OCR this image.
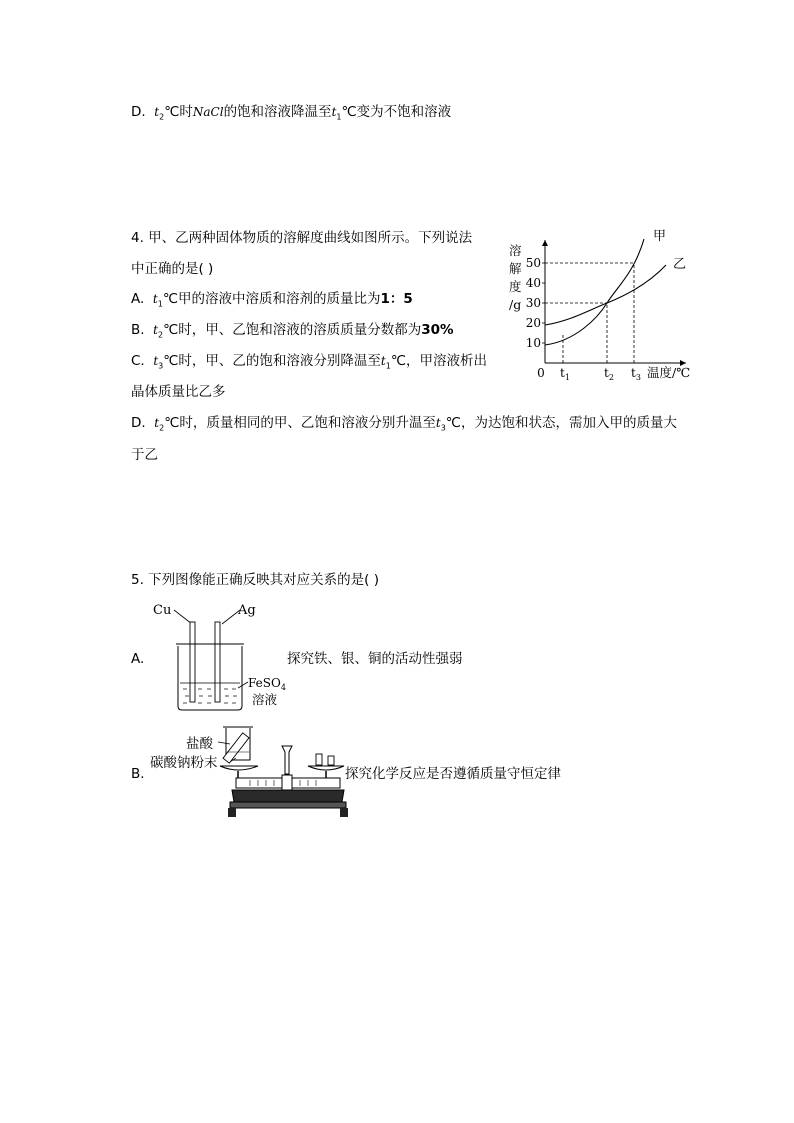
D. $t_2℃$时NaCl的饱和溶液降温至$t_1℃$变为不饱和溶液
4. 甲、乙两种固体物质的溶解度曲线如图所示。下列说法
中正确的是( )
A. $t_1℃$甲的溶液中溶质和溶剂的质量比为1：5
B. $t_2℃$时，甲、乙饱和溶液的溶质质量分数都为30%
C. $t_3℃$时，甲、乙的饱和溶液分别降温至$t_1℃$，甲溶液析出
晶体质量比乙多
D. $t_2℃$时，质量相同的甲、乙饱和溶液分别升温至$t_3℃$，为达饱和状态，需加入甲的质量大
于乙
溶
解
度
/g
10
20
30
40
50
0 $t_1$	$t_2$ $t_3$ 温度/℃
甲
乙
5. 下列图像能正确反映其对应关系的是( )
A.
Cu	Ag
FeSO$_4$
溶液
探究铁、银、铜的活动性强弱
B.
盐酸
碳酸钠粉末
探究化学反应是否遵循质量守恒定律
